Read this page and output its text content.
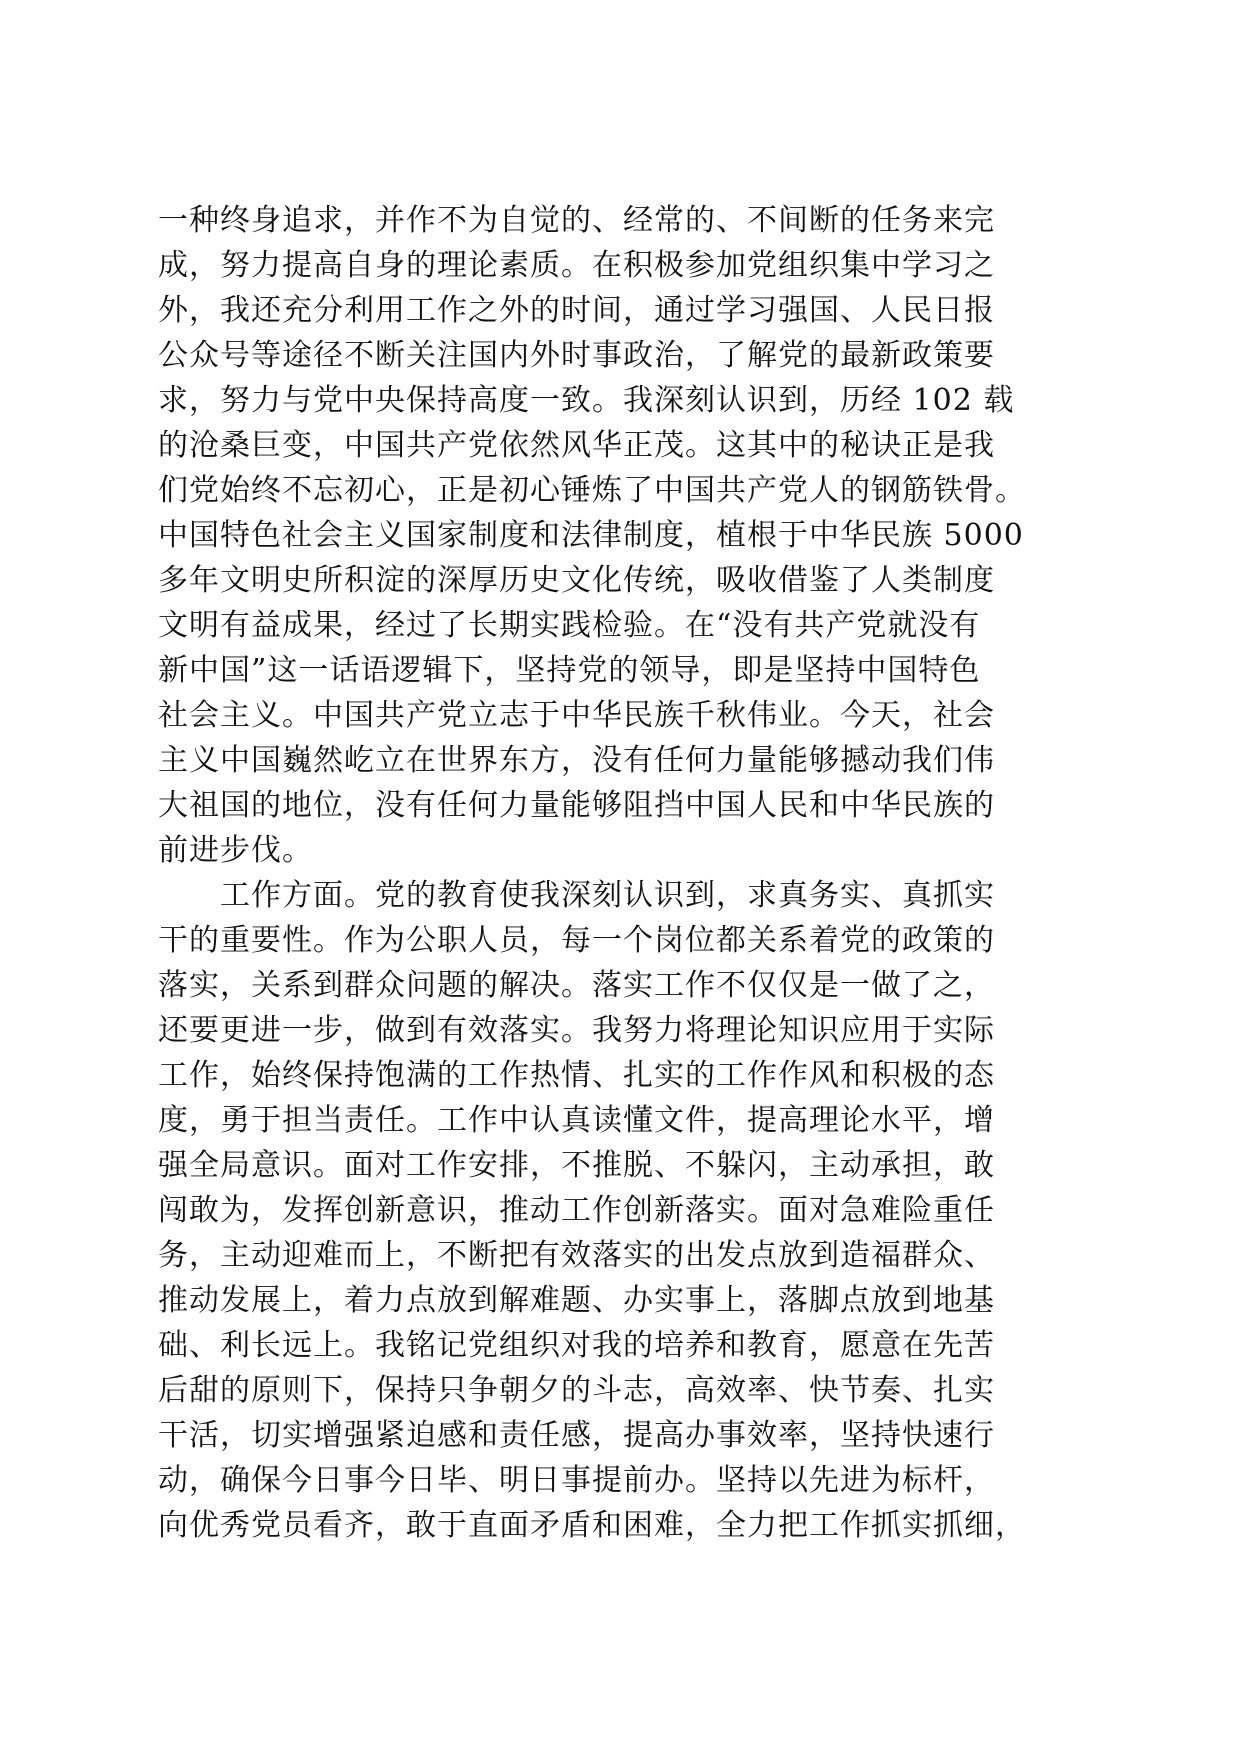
一种终身追求，并作不为自觉的、经常的、不间断的任务来完
成，努力提高自身的理论素质。在积极参加党组织集中学习之
外，我还充分利用工作之外的时间，通过学习强国、人民日报
公众号等途径不断关注国内外时事政治，了解党的最新政策要
求，努力与党中央保持高度一致。我深刻认识到，历经 102 载
的沧桑巨变，中国共产党依然风华正茂。这其中的秘诀正是我
们党始终不忘初心，正是初心锤炼了中国共产党人的钢筋铁骨。
中国特色社会主义国家制度和法律制度，植根于中华民族 5000
多年文明史所积淀的深厚历史文化传统，吸收借鉴了人类制度
文明有益成果，经过了长期实践检验。在“没有共产党就没有
新中国”这一话语逻辑下，坚持党的领导，即是坚持中国特色
社会主义。中国共产党立志于中华民族千秋伟业。今天，社会
主义中国巍然屹立在世界东方，没有任何力量能够撼动我们伟
大祖国的地位，没有任何力量能够阻挡中国人民和中华民族的
前进步伐。
　　工作方面。党的教育使我深刻认识到，求真务实、真抓实
干的重要性。作为公职人员，每一个岗位都关系着党的政策的
落实，关系到群众问题的解决。落实工作不仅仅是一做了之，
还要更进一步，做到有效落实。我努力将理论知识应用于实际
工作，始终保持饱满的工作热情、扎实的工作作风和积极的态
度，勇于担当责任。工作中认真读懂文件，提高理论水平，增
强全局意识。面对工作安排，不推脱、不躲闪，主动承担，敢
闯敢为，发挥创新意识，推动工作创新落实。面对急难险重任
务，主动迎难而上，不断把有效落实的出发点放到造福群众、
推动发展上，着力点放到解难题、办实事上，落脚点放到地基
础、利长远上。我铭记党组织对我的培养和教育，愿意在先苦
后甜的原则下，保持只争朝夕的斗志，高效率、快节奏、扎实
干活，切实增强紧迫感和责任感，提高办事效率，坚持快速行
动，确保今日事今日毕、明日事提前办。坚持以先进为标杆，
向优秀党员看齐，敢于直面矛盾和困难，全力把工作抓实抓细，
